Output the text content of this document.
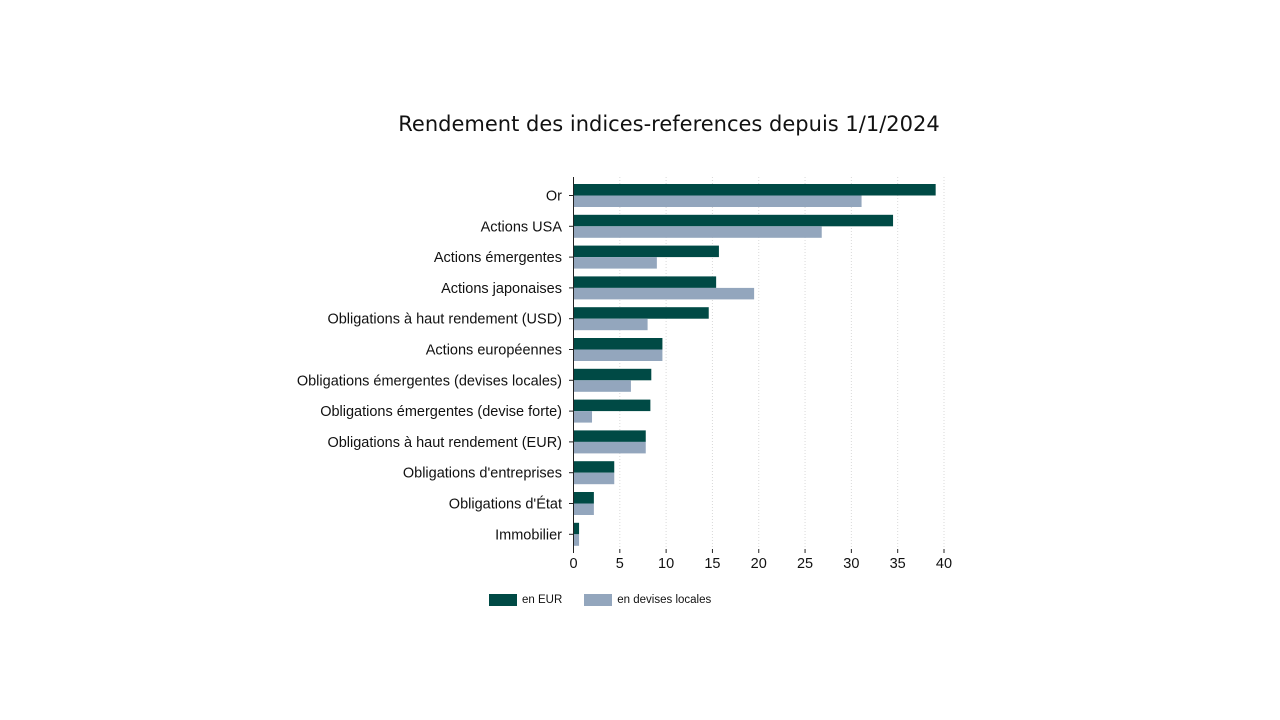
Rendement des indices-references depuis 1/1/2024
Or
Actions USA
Actions émergentes
Actions japonaises
Obligations à haut rendement (USD)
Actions européennes
Obligations émergentes (devises locales)
Obligations émergentes (devise forte)
Obligations à haut rendement (EUR)
Obligations d'entreprises
Obligations d'État
Immobilier
0	5 10 15 20 25 30 35 40
en EUR	en devises locales
